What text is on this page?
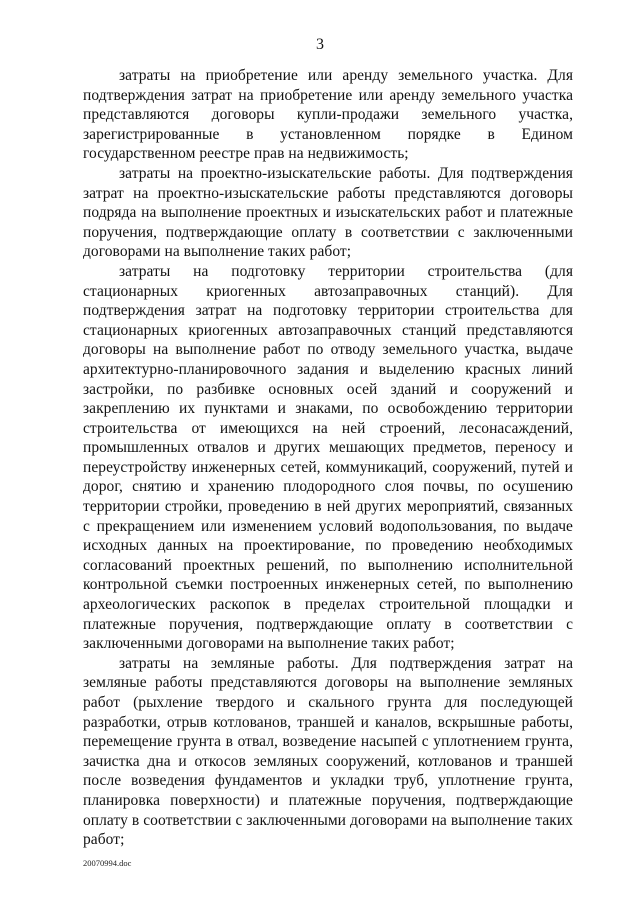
3

затраты на приобретение или аренду земельного участка. Для подтверждения затрат на приобретение или аренду земельного участка представляются договоры купли-продажи земельного участка, зарегистрированные в установленном порядке в Едином государственном реестре прав на недвижимость;

затраты на проектно-изыскательские работы. Для подтверждения затрат на проектно-изыскательские работы представляются договоры подряда на выполнение проектных и изыскательских работ и платежные поручения, подтверждающие оплату в соответствии с заключенными договорами на выполнение таких работ;

затраты на подготовку территории строительства (для стационарных криогенных автозаправочных станций). Для подтверждения затрат на подготовку территории строительства для стационарных криогенных автозаправочных станций представляются договоры на выполнение работ по отводу земельного участка, выдаче архитектурно-планировочного задания и выделению красных линий застройки, по разбивке основных осей зданий и сооружений и закреплению их пунктами и знаками, по освобождению территории строительства от имеющихся на ней строений, лесонасаждений, промышленных отвалов и других мешающих предметов, переносу и переустройству инженерных сетей, коммуникаций, сооружений, путей и дорог, снятию и хранению плодородного слоя почвы, по осушению территории стройки, проведению в ней других мероприятий, связанных с прекращением или изменением условий водопользования, по выдаче исходных данных на проектирование, по проведению необходимых согласований проектных решений, по выполнению исполнительной контрольной съемки построенных инженерных сетей, по выполнению археологических раскопок в пределах строительной площадки и платежные поручения, подтверждающие оплату в соответствии с заключенными договорами на выполнение таких работ;

затраты на земляные работы. Для подтверждения затрат на земляные работы представляются договоры на выполнение земляных работ (рыхление твердого и скального грунта для последующей разработки, отрыв котлованов, траншей и каналов, вскрышные работы, перемещение грунта в отвал, возведение насыпей с уплотнением грунта, зачистка дна и откосов земляных сооружений, котлованов и траншей после возведения фундаментов и укладки труб, уплотнение грунта, планировка поверхности) и платежные поручения, подтверждающие оплату в соответствии с заключенными договорами на выполнение таких работ;

20070994.doc
